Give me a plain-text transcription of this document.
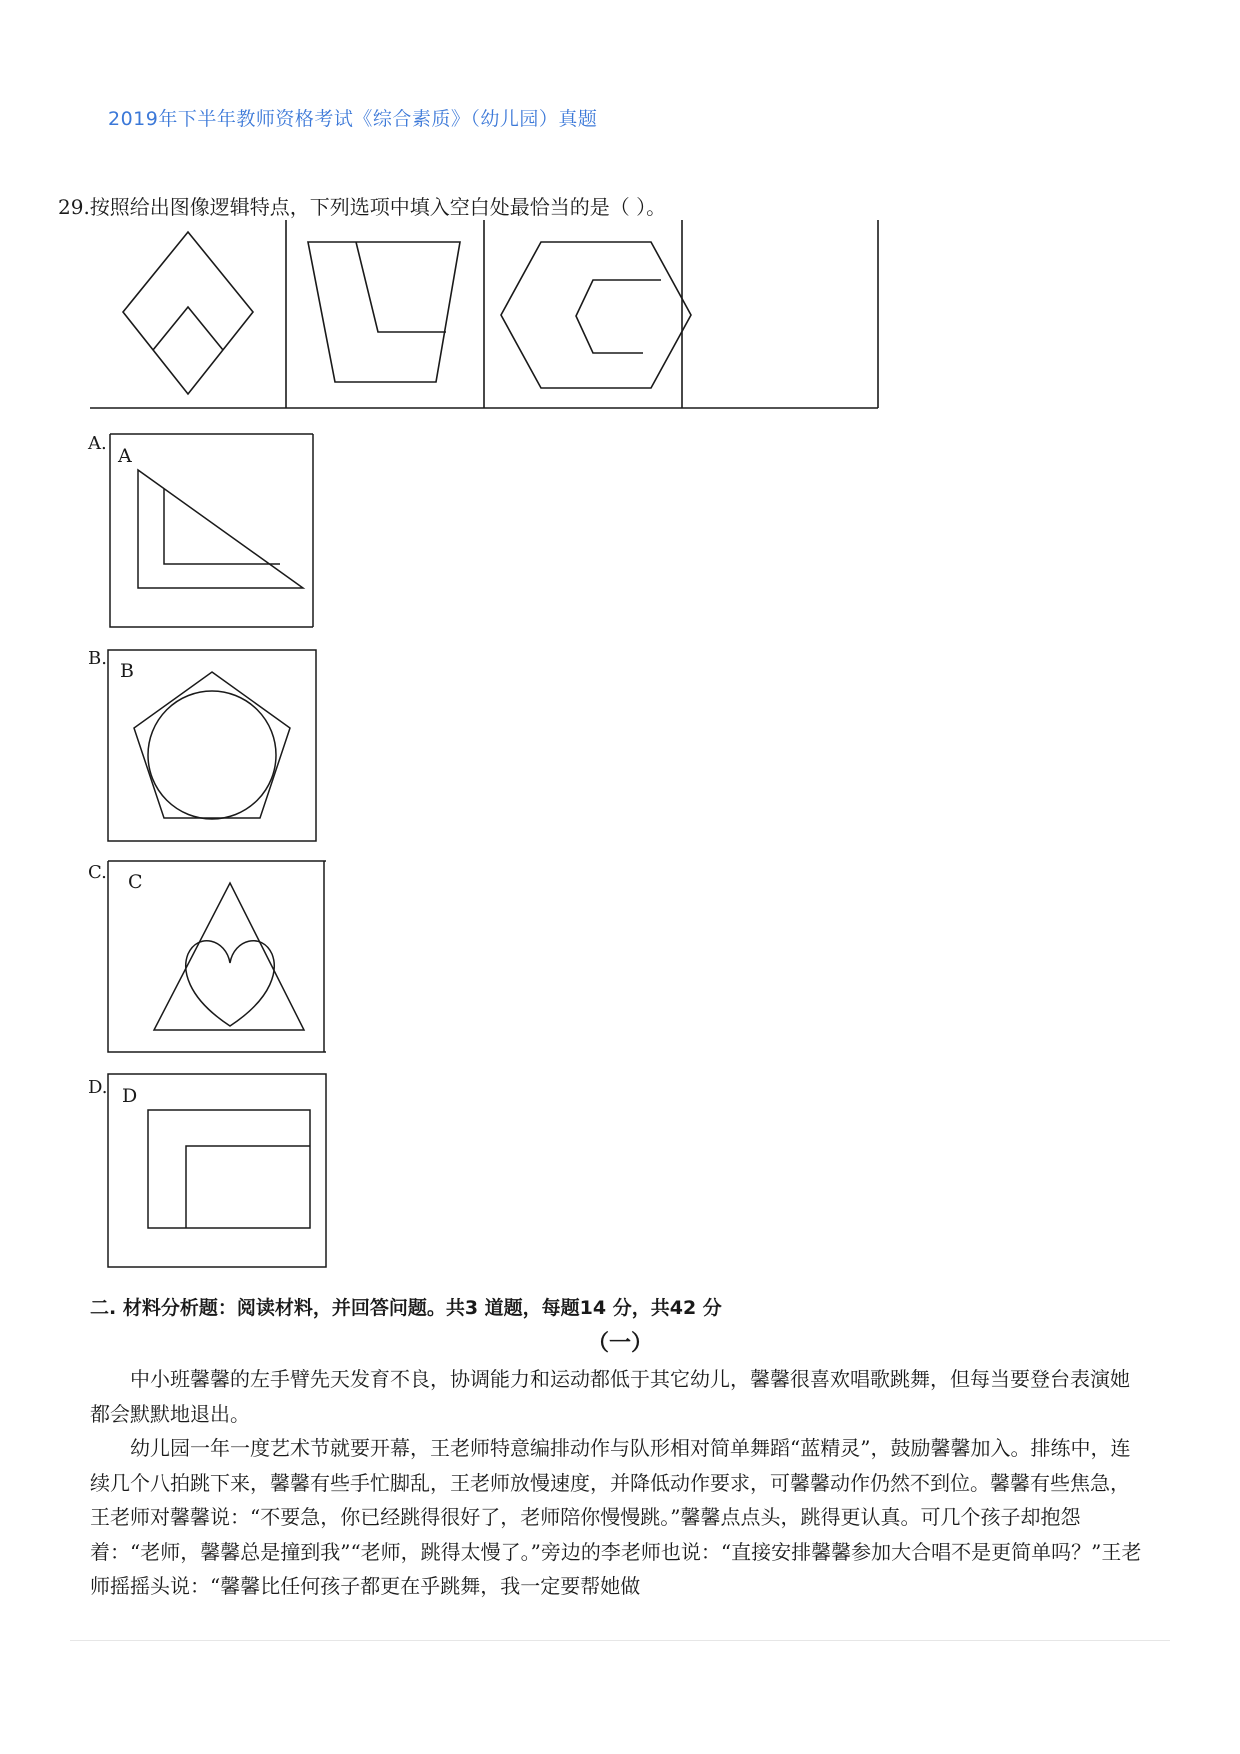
2019年下半年教师资格考试《综合素质》（幼儿园）真题
29.按照给出图像逻辑特点，下列选项中填入空白处最恰当的是（ ）。
A.
A
B.
B
C. C
D. D
二. 材料分析题：阅读材料，并回答问题。共3 道题，每题14 分，共42 分
（一）
中小班馨馨的左手臂先天发育不良，协调能力和运动都低于其它幼儿，馨馨很喜欢唱歌跳舞，但每当要登台表演她都会默默地退出。
幼儿园一年一度艺术节就要开幕，王老师特意编排动作与队形相对简单舞蹈“蓝精灵”，鼓励馨馨加入。排练中，连续几个八拍跳下来，馨馨有些手忙脚乱，王老师放慢速度，并降低动作要求，可馨馨动作仍然不到位。馨馨有些焦急，王老师对馨馨说：“不要急，你已经跳得很好了，老师陪你慢慢跳。”馨馨点点头，跳得更认真。可几个孩子却抱怨着：“老师，馨馨总是撞到我”“老师，跳得太慢了。”旁边的李老师也说：“直接安排馨馨参加大合唱不是更简单吗？”王老师摇摇头说：“馨馨比任何孩子都更在乎跳舞，我一定要帮她做
